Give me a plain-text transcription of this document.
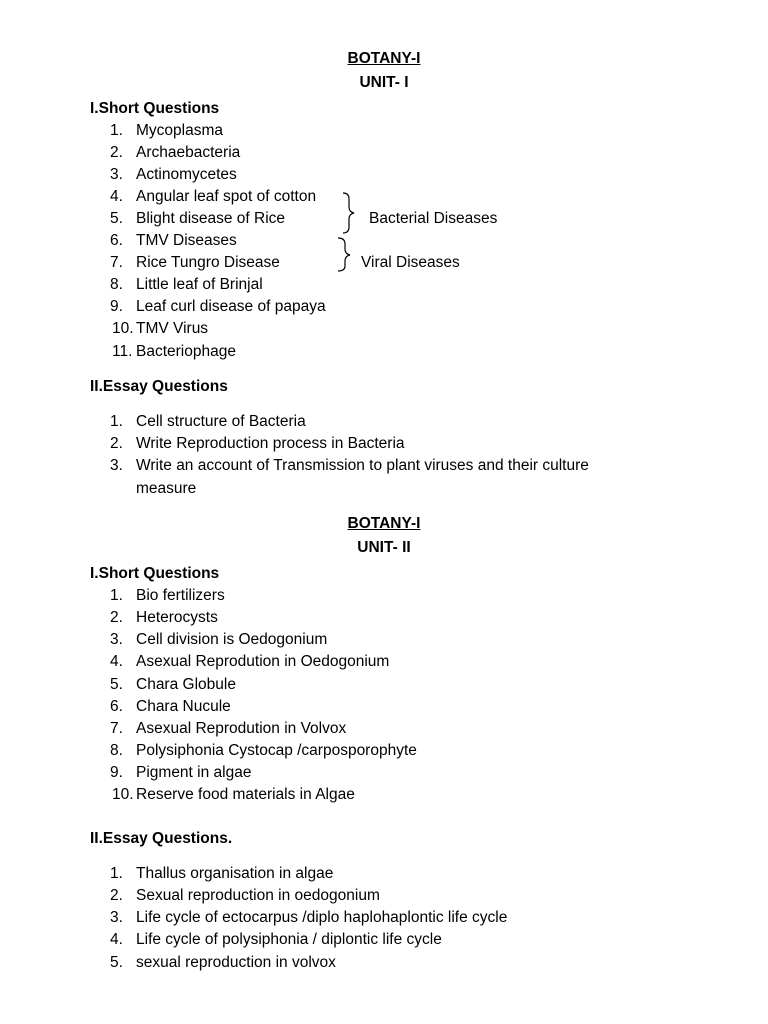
BOTANY-I
UNIT- I
I.Short Questions
1. Mycoplasma
2. Archaebacteria
3. Actinomycetes
4. Angular leaf spot of cotton
5. Blight disease of Rice
6. TMV Diseases
7. Rice Tungro Disease
8. Little leaf of Brinjal
9. Leaf curl disease of papaya
10. TMV Virus
11. Bacteriophage
Bacterial Diseases
Viral Diseases
II.Essay Questions
1. Cell structure of Bacteria
2. Write Reproduction process in Bacteria
3. Write an account of Transmission to plant viruses and their culture
measure
BOTANY-I
UNIT- II
I.Short Questions
1. Bio fertilizers
2. Heterocysts
3. Cell division is Oedogonium
4. Asexual Reprodution in Oedogonium
5. Chara Globule
6. Chara Nucule
7. Asexual Reprodution in Volvox
8. Polysiphonia Cystocap /carposporophyte
9. Pigment in algae
10. Reserve food materials in Algae
II.Essay Questions.
1. Thallus organisation in algae
2. Sexual reproduction in oedogonium
3. Life cycle of ectocarpus /diplo haplohaplontic life cycle
4. Life cycle of polysiphonia / diplontic life cycle
5. sexual reproduction in volvox
